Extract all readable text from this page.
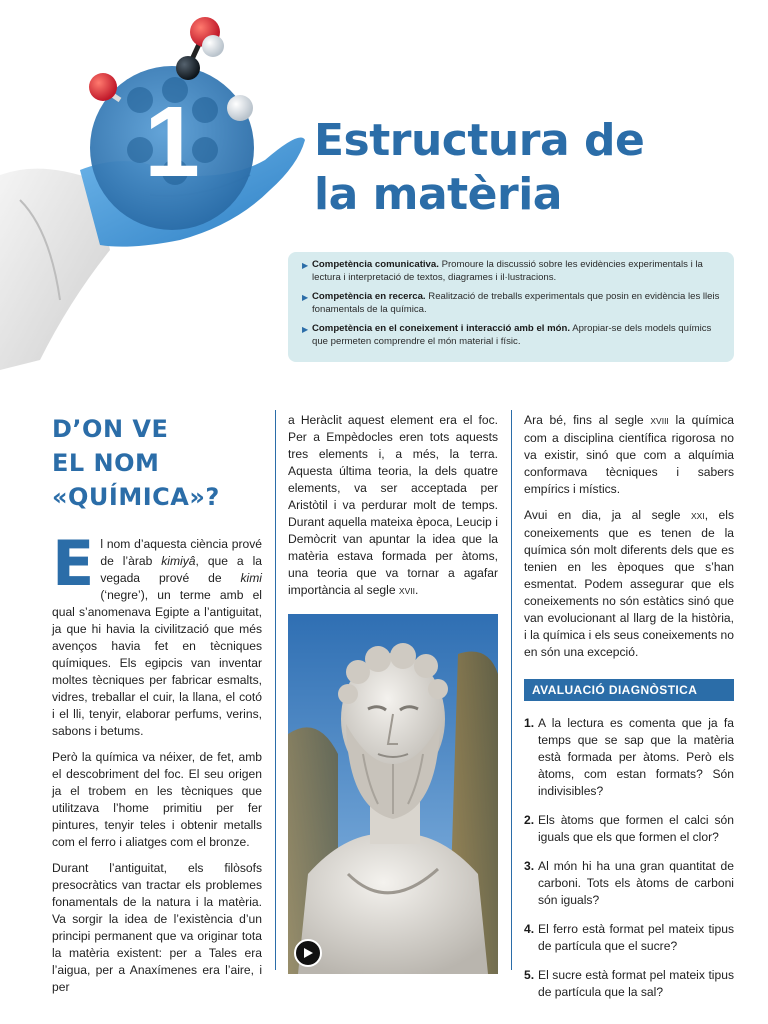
1	Estructura de
la matèria
▶ Competència comunicativa. Promoure la discussió sobre les evidències experimentals i la lectura i interpretació de textos, diagrames i il·lustracions.
▶ Competència en recerca. Realització de treballs experimentals que posin en evidència les lleis fonamentals de la química.
▶ Competència en el coneixement i interacció amb el món. Apropiar-se dels models químics que permeten comprendre el món material i físic.
D’ON VE
EL NOM
«QUÍMICA»?

El nom d’aquesta ciència prové de l’àrab kimiyâ, que a la vegada prové de kimi (‘negre’), un terme amb el qual s’anomenava Egipte a l’antiguitat, ja que hi havia la civilització que més avenços havia fet en tècniques químiques. Els egipcis van inventar moltes tècniques per fabricar esmalts, vidres, treballar el cuir, la llana, el cotó i el lli, tenyir, elaborar perfums, verins, sabons i betums.

Però la química va néixer, de fet, amb el descobriment del foc. El seu origen ja el trobem en les tècniques que utilitzava l’home primitiu per fer pintures, tenyir teles i obtenir metalls com el ferro i aliatges com el bronze.

Durant l’antiguitat, els filòsofs presocràtics van tractar els problemes fonamentals de la natura i la matèria. Va sorgir la idea de l’existència d’un principi permanent que va originar tota la matèria existent: per a Tales era l’aigua, per a Anaxímenes era l’aire, i per

a Heràclit aquest element era el foc. Per a Empèdocles eren tots aquests tres elements i, a més, la terra. Aquesta última teoria, la dels quatre elements, va ser acceptada per Aristòtil i va perdurar molt de temps. Durant aquella mateixa època, Leucip i Demòcrit van apuntar la idea que la matèria estava formada per àtoms, una teoria que va tornar a agafar importància al segle XVII.

Ara bé, fins al segle XVIII la química com a disciplina científica rigorosa no va existir, sinó que com a alquímia conformava tècniques i sabers empírics i místics.

Avui en dia, ja al segle XXI, els coneixements que es tenen de la química són molt diferents dels que es tenien en les èpoques que s’han esmentat. Podem assegurar que els coneixements no són estàtics sinó que van evolucionant al llarg de la història, i la química i els seus coneixements no en són una excepció.

AVALUACIÓ DIAGNÒSTICA
1. A la lectura es comenta que ja fa temps que se sap que la matèria està formada per àtoms. Però els àtoms, com estan formats? Són indivisibles?
2. Els àtoms que formen el calci són iguals que els que formen el clor?
3. Al món hi ha una gran quantitat de carboni. Tots els àtoms de carboni són iguals?
4. El ferro està format pel mateix tipus de partícula que el sucre?
5. El sucre està format pel mateix tipus de partícula que la sal?
